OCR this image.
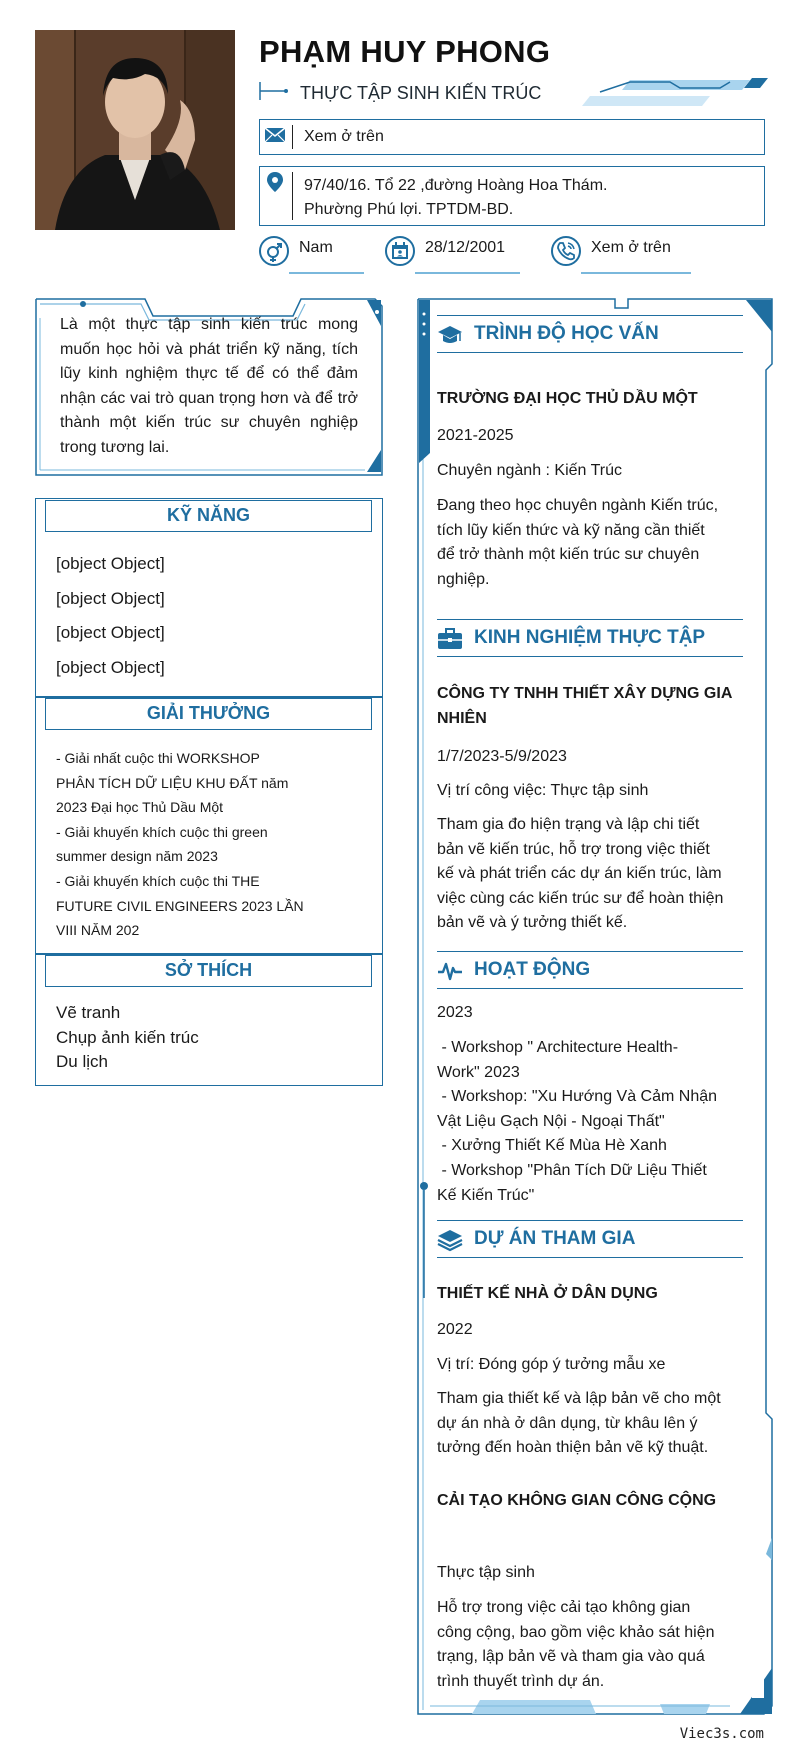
PHẠM HUY PHONG
THỰC TẬP SINH KIẾN TRÚC
Xem ở trên
97/40/16. Tổ 22 ,đường Hoàng Hoa Thám.
Phường Phú lợi. TPTDM-BD.
Nam	28/12/2001	Xem ở trên
Là một thực tập sinh kiến trúc mong muốn học hỏi và phát triển kỹ năng, tích lũy kinh nghiệm thực tế để có thể đảm nhận các vai trò quan trọng hơn và để trở thành một kiến trúc sư chuyên nghiệp trong tương lai.
KỸ NĂNG
[object Object]
[object Object]
[object Object]
[object Object]
GIẢI THƯỞNG
- Giải nhất cuộc thi WORKSHOP
PHÂN TÍCH DỮ LIỆU KHU ĐẤT năm
2023 Đại học Thủ Dầu Một
- Giải khuyến khích cuộc thi green
summer design năm 2023
- Giải khuyến khích cuộc thi THE
FUTURE CIVIL ENGINEERS 2023 LẦN
VIII NĂM 202
SỞ THÍCH
Vẽ tranh
Chụp ảnh kiến trúc
Du lịch
TRÌNH ĐỘ HỌC VẤN
TRƯỜNG ĐẠI HỌC THỦ DẦU MỘT
2021-2025
Chuyên ngành : Kiến Trúc
Đang theo học chuyên ngành Kiến trúc,
tích lũy kiến thức và kỹ năng cần thiết
để trở thành một kiến trúc sư chuyên
nghiệp.
KINH NGHIỆM THỰC TẬP
CÔNG TY TNHH THIẾT XÂY DỰNG GIA
NHIÊN
1/7/2023-5/9/2023
Vị trí công việc: Thực tập sinh
Tham gia đo hiện trạng và lập chi tiết
bản vẽ kiến trúc, hỗ trợ trong việc thiết
kế và phát triển các dự án kiến trúc, làm
việc cùng các kiến trúc sư để hoàn thiện
bản vẽ và ý tưởng thiết kế.
HOẠT ĐỘNG
2023
- Workshop " Architecture Health-
Work" 2023
- Workshop: "Xu Hướng Và Cảm Nhận
Vật Liệu Gạch Nội - Ngoại Thất"
- Xưởng Thiết Kế Mùa Hè Xanh
- Workshop "Phân Tích Dữ Liệu Thiết
Kế Kiến Trúc"
DỰ ÁN THAM GIA
THIẾT KẾ NHÀ Ở DÂN DỤNG
2022
Vị trí: Đóng góp ý tưởng mẫu xe
Tham gia thiết kế và lập bản vẽ cho một
dự án nhà ở dân dụng, từ khâu lên ý
tưởng đến hoàn thiện bản vẽ kỹ thuật.
CẢI TẠO KHÔNG GIAN CÔNG CỘNG
Thực tập sinh
Hỗ trợ trong việc cải tạo không gian
công cộng, bao gồm việc khảo sát hiện
trạng, lập bản vẽ và tham gia vào quá
trình thuyết trình dự án.
Viec3s.com
